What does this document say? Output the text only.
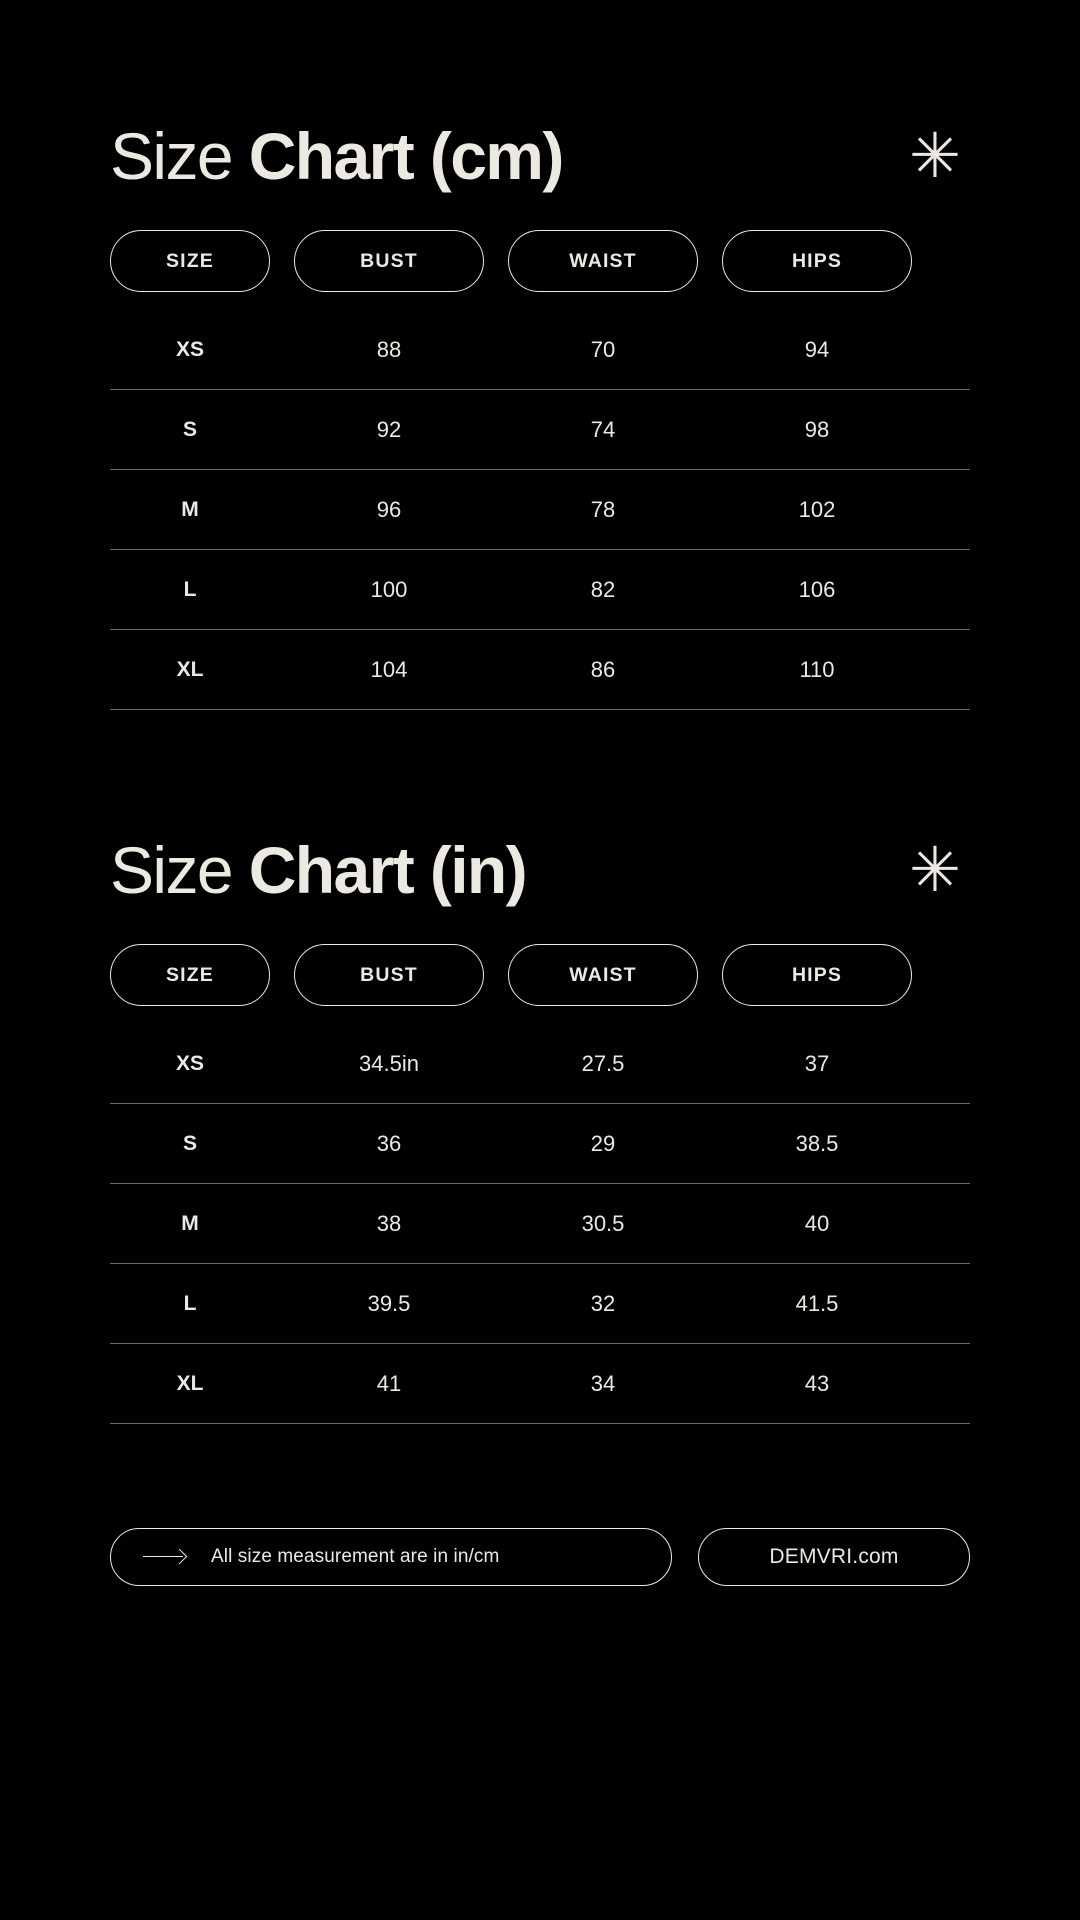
Size Chart (cm)	✳
SIZE	BUST	WAIST	HIPS
XS	88	70	94
S	92	74	98
M	96	78	102
L	100	82	106
XL	104	86	110
Size Chart (in)	✳
SIZE	BUST	WAIST	HIPS
XS	34.5in	27.5	37
S	36	29	38.5
M	38	30.5	40
L	39.5	32	41.5
XL	41	34	43
All size measurement are in in/cm	DEMVRI.com
